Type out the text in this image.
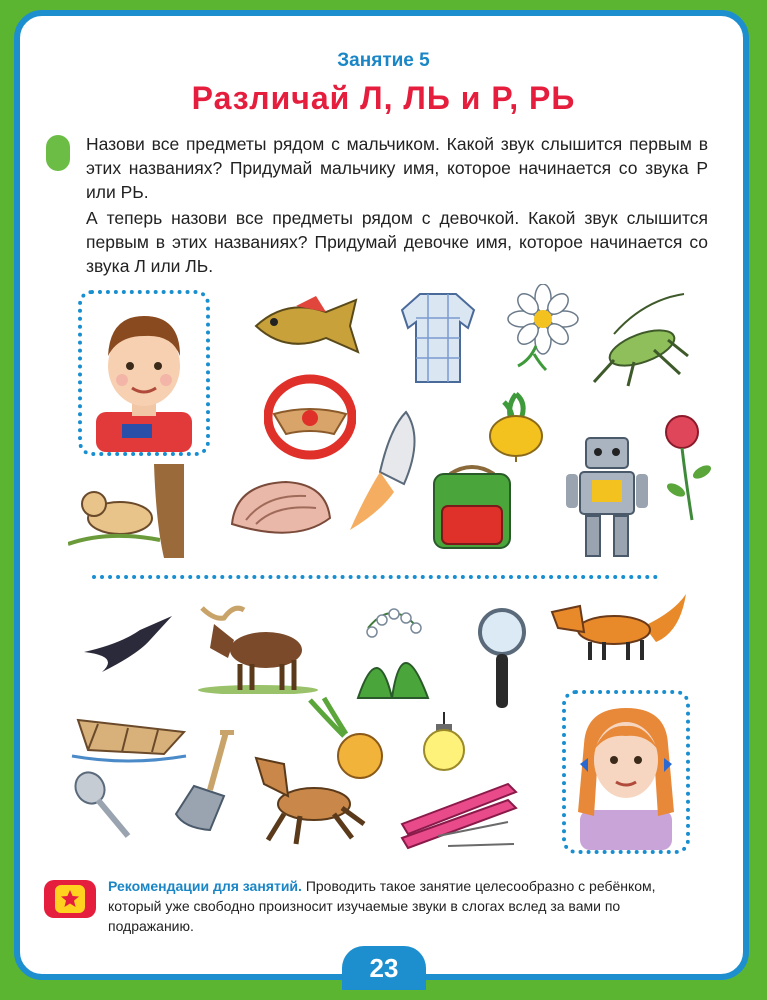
Занятие 5
Различай Л, ЛЬ и Р, РЬ

Назови все предметы рядом с мальчиком. Какой звук слышится первым в этих названиях? Придумай мальчику имя, которое начинается со звука Р или РЬ.

А теперь назови все предметы рядом с девочкой. Какой звук слышится первым в этих названиях? Придумай девочке имя, которое начинается со звука Л или ЛЬ.

Рекомендации для занятий. Проводить такое занятие целесообразно с ребёнком, который уже свободно произносит изучаемые звуки в слогах вслед за вами по подражанию.
23
